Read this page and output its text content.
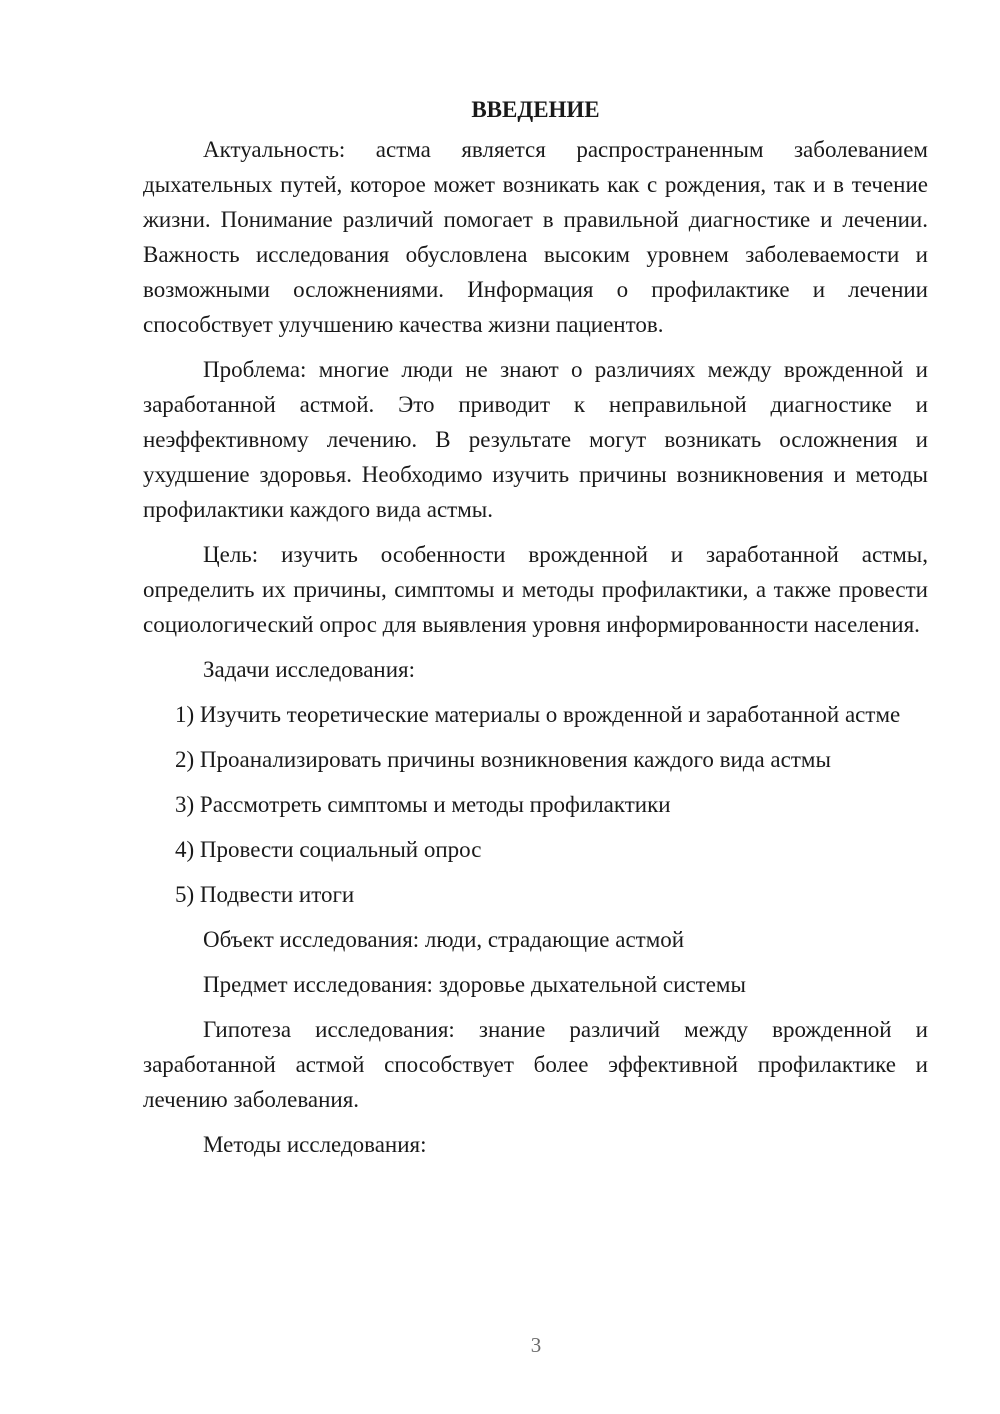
ВВЕДЕНИЕ

Актуальность: астма является распространенным заболеванием дыхательных путей, которое может возникать как с рождения, так и в течение жизни. Понимание различий помогает в правильной диагностике и лечении. Важность исследования обусловлена высоким уровнем заболеваемости и возможными осложнениями. Информация о профилактике и лечении способствует улучшению качества жизни пациентов.

Проблема: многие люди не знают о различиях между врожденной и заработанной астмой. Это приводит к неправильной диагностике и неэффективному лечению. В результате могут возникать осложнения и ухудшение здоровья. Необходимо изучить причины возникновения и методы профилактики каждого вида астмы.

Цель: изучить особенности врожденной и заработанной астмы, определить их причины, симптомы и методы профилактики, а также провести социологический опрос для выявления уровня информированности населения.

Задачи исследования:

1) Изучить теоретические материалы о врожденной и заработанной астме

2) Проанализировать причины возникновения каждого вида астмы

3) Рассмотреть симптомы и методы профилактики

4) Провести социальный опрос

5) Подвести итоги

Объект исследования: люди, страдающие астмой

Предмет исследования: здоровье дыхательной системы

Гипотеза исследования: знание различий между врожденной и заработанной астмой способствует более эффективной профилактике и лечению заболевания.

Методы исследования:

3
